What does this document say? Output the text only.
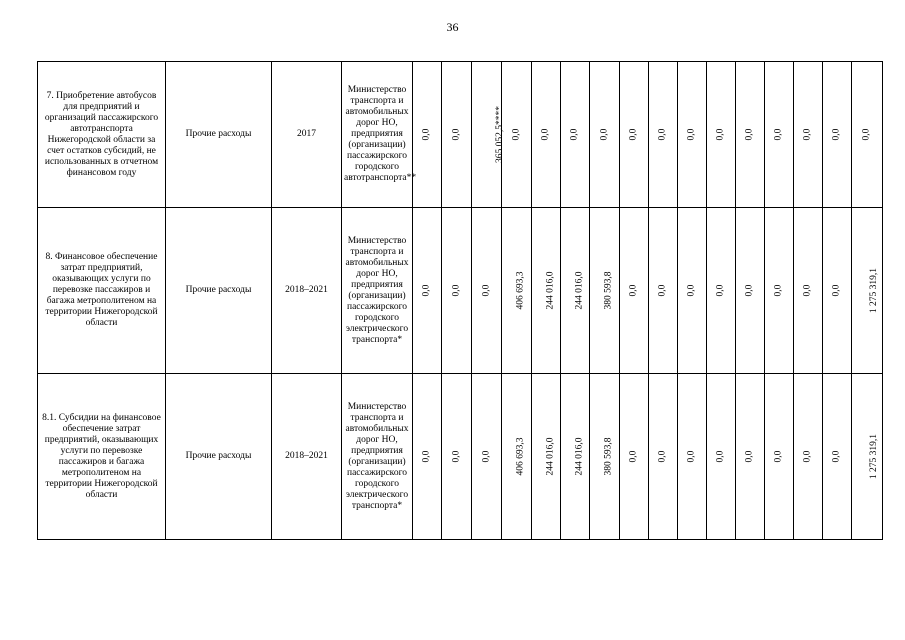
36
7. Приобретение автобусов для предприятий и организаций пассажирского автотранспорта Нижегородской области за счет остатков субсидий, не использованных в отчетном финансовом году	Прочие расходы	2017	Министерство транспорта и автомобильных дорог НО, предприятия (организации) пассажирского городского автотранспорта**	0,0	0,0	365 052,5****	0,0	0,0	0,0	0,0	0,0	0,0	0,0	0,0	0,0	0,0	0,0	0,0	0,0
8. Финансовое обеспечение затрат предприятий, оказывающих услуги по перевозке пассажиров и багажа метрополитеном на территории Нижегородской области	Прочие расходы	2018–2021	Министерство транспорта и автомобильных дорог НО, предприятия (организации) пассажирского городского электрического транспорта*	0,0	0,0	0,0	406 693,3	244 016,0	244 016,0	380 593,8	0,0	0,0	0,0	0,0	0,0	0,0	0,0	0,0	1 275 319,1
8.1. Субсидии на финансовое обеспечение затрат предприятий, оказывающих услуги по перевозке пассажиров и багажа метрополитеном на территории Нижегородской области	Прочие расходы	2018–2021	Министерство транспорта и автомобильных дорог НО, предприятия (организации) пассажирского городского электрического транспорта*	0,0	0,0	0,0	406 693,3	244 016,0	244 016,0	380 593,8	0,0	0,0	0,0	0,0	0,0	0,0	0,0	0,0	1 275 319,1
